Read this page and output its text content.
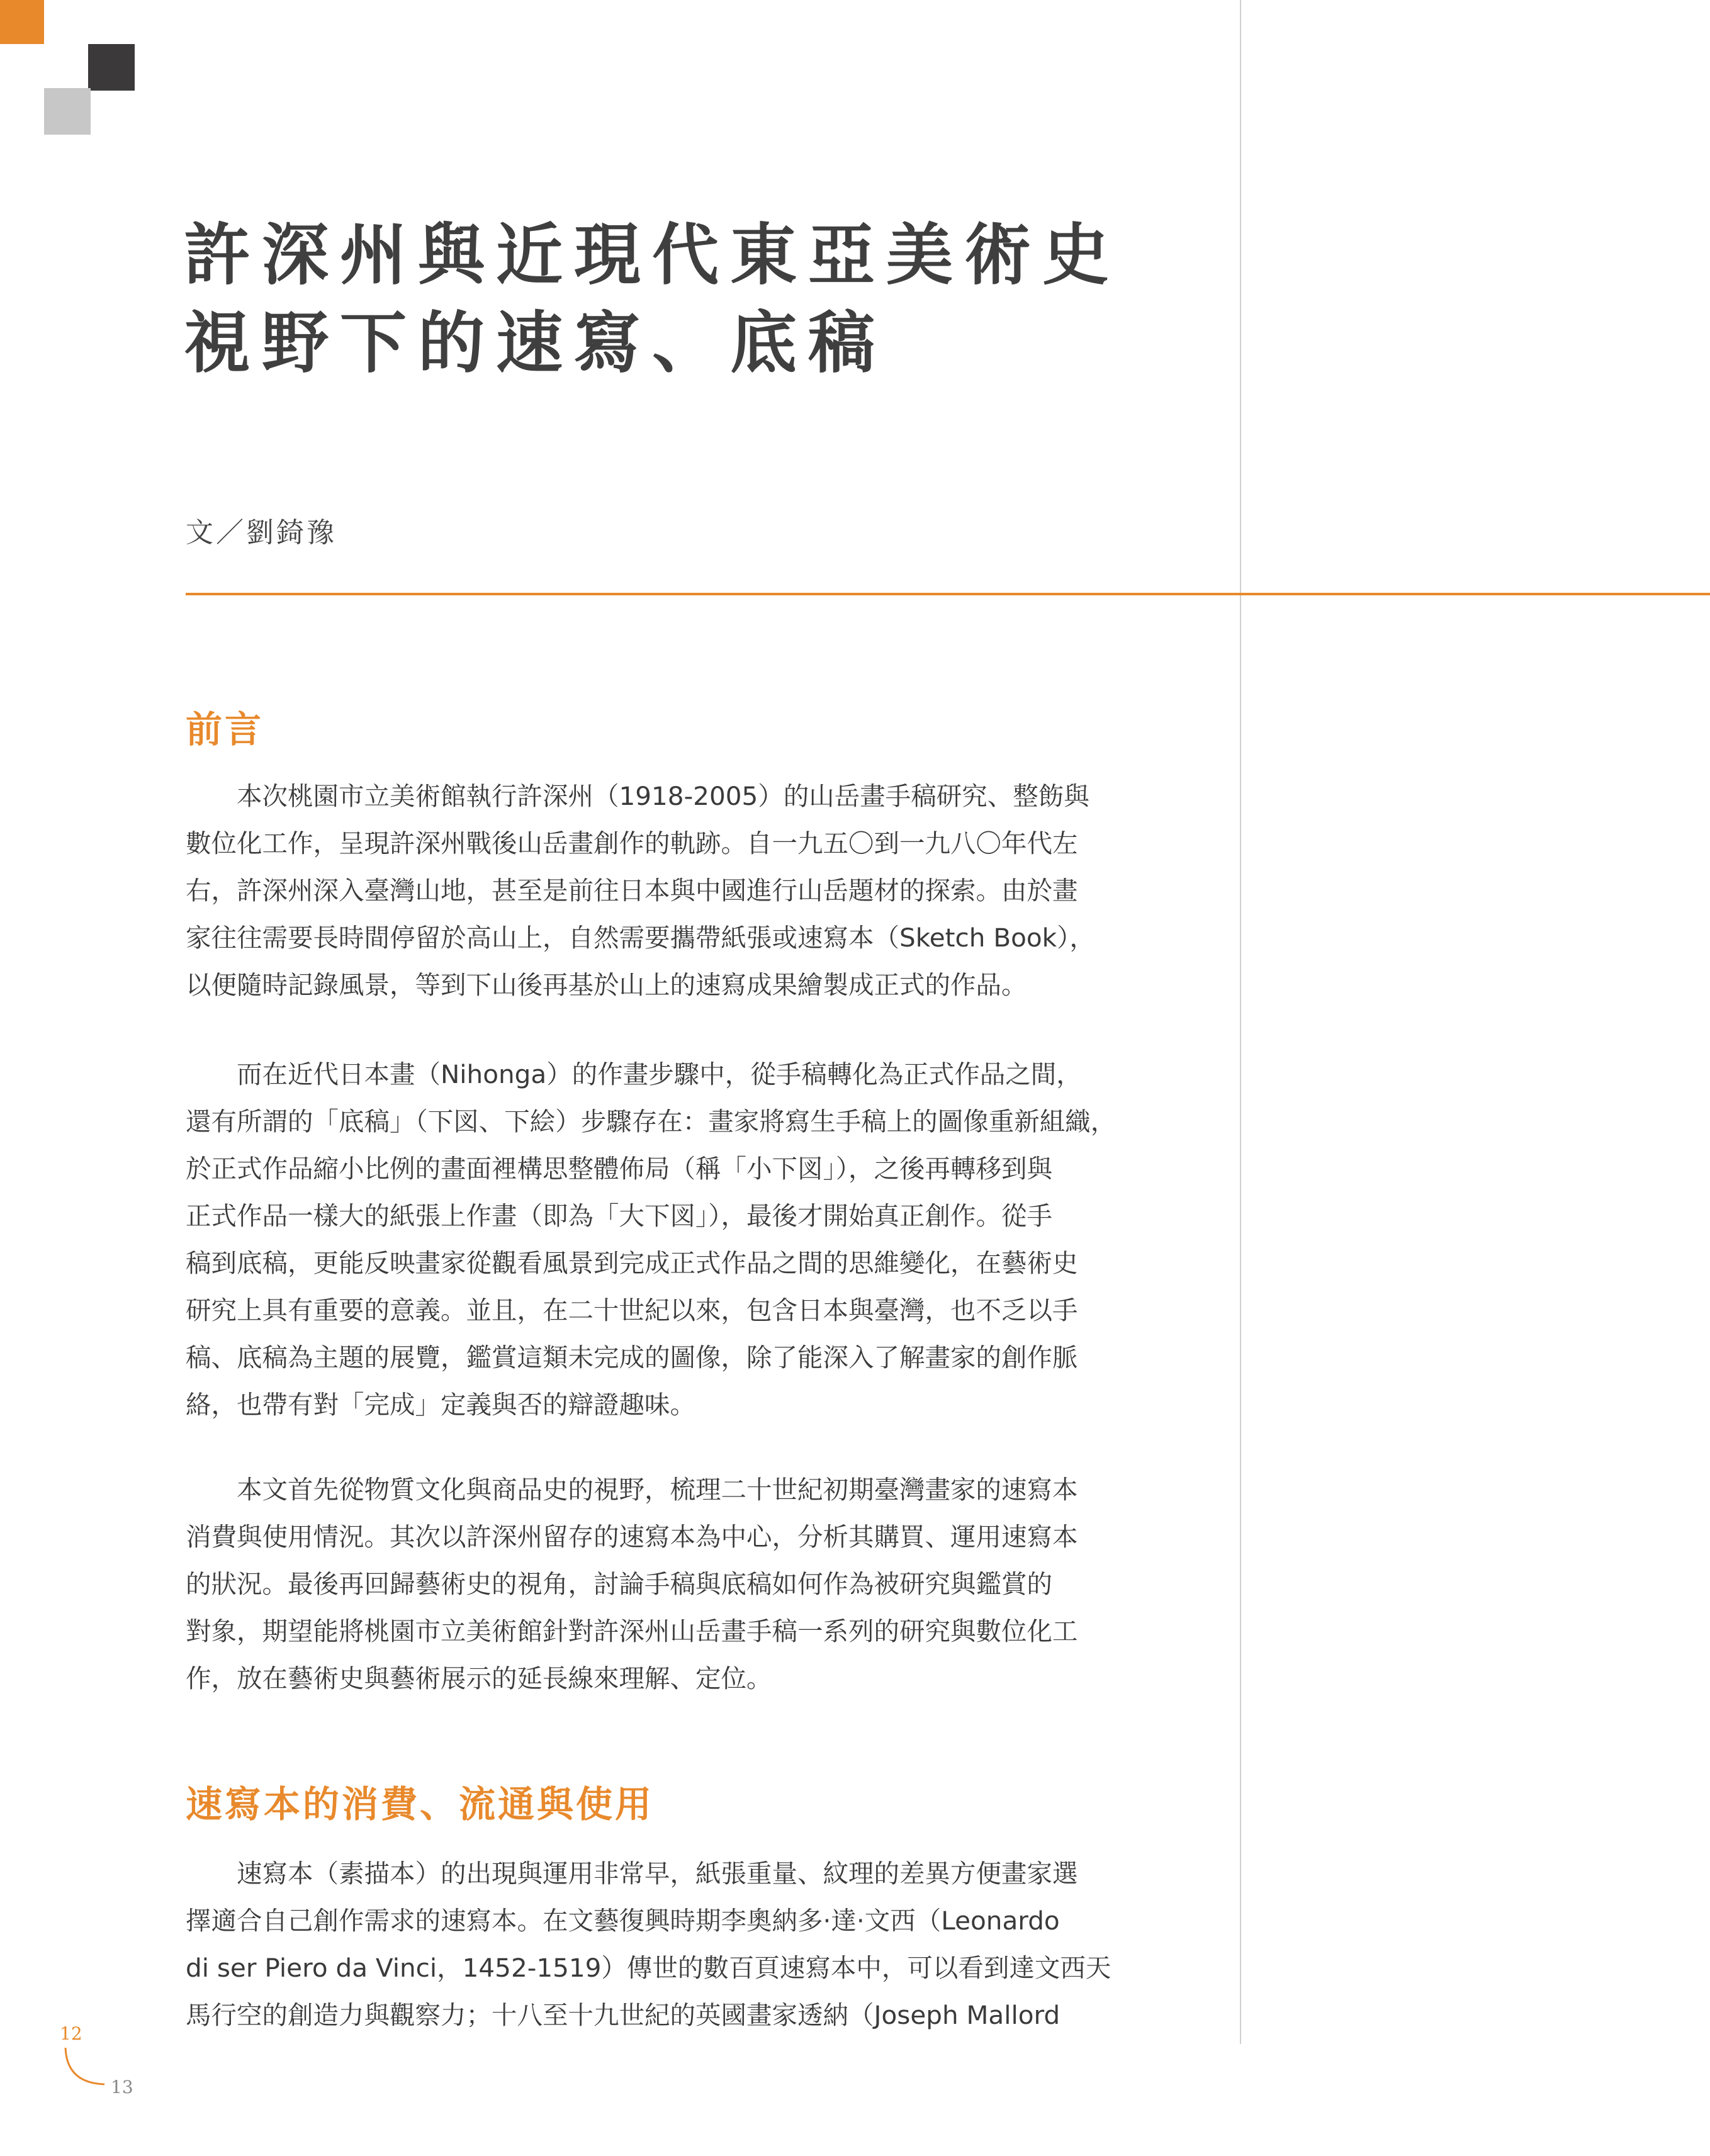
許深州與近現代東亞美術史
視野下的速寫、底稿
文／劉錡豫
前言

　　本次桃園市立美術館執行許深州（1918-2005）的山岳畫手稿研究、整飭與
數位化工作，呈現許深州戰後山岳畫創作的軌跡。自一九五〇到一九八〇年代左
右，許深州深入臺灣山地，甚至是前往日本與中國進行山岳題材的探索。由於畫
家往往需要長時間停留於高山上，自然需要攜帶紙張或速寫本（Sketch Book），
以便隨時記錄風景，等到下山後再基於山上的速寫成果繪製成正式的作品。

　　而在近代日本畫（Nihonga）的作畫步驟中，從手稿轉化為正式作品之間，
還有所謂的「底稿」（下図、下絵）步驟存在：畫家將寫生手稿上的圖像重新組織，
於正式作品縮小比例的畫面裡構思整體佈局（稱「小下図」），之後再轉移到與
正式作品一樣大的紙張上作畫（即為「大下図」），最後才開始真正創作。從手
稿到底稿，更能反映畫家從觀看風景到完成正式作品之間的思維變化，在藝術史
研究上具有重要的意義。並且，在二十世紀以來，包含日本與臺灣，也不乏以手
稿、底稿為主題的展覽，鑑賞這類未完成的圖像，除了能深入了解畫家的創作脈
絡，也帶有對「完成」定義與否的辯證趣味。

　　本文首先從物質文化與商品史的視野，梳理二十世紀初期臺灣畫家的速寫本
消費與使用情況。其次以許深州留存的速寫本為中心，分析其購買、運用速寫本
的狀況。最後再回歸藝術史的視角，討論手稿與底稿如何作為被研究與鑑賞的
對象，期望能將桃園市立美術館針對許深州山岳畫手稿一系列的研究與數位化工
作，放在藝術史與藝術展示的延長線來理解、定位。

速寫本的消費、流通與使用

　　速寫本（素描本）的出現與運用非常早，紙張重量、紋理的差異方便畫家選
擇適合自己創作需求的速寫本。在文藝復興時期李奧納多·達·文西（Leonardo
di ser Piero da Vinci，1452-1519）傳世的數百頁速寫本中，可以看到達文西天
馬行空的創造力與觀察力；十八至十九世紀的英國畫家透納（Joseph Mallord

12
13
